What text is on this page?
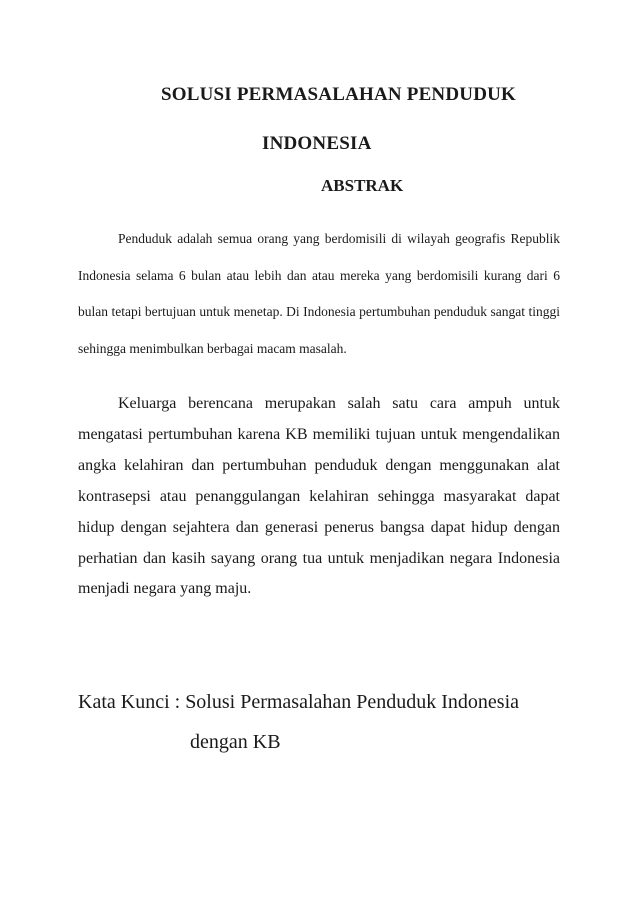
SOLUSI PERMASALAHAN PENDUDUK
INDONESIA
ABSTRAK

Penduduk adalah semua orang yang berdomisili di wilayah geografis Republik Indonesia selama 6 bulan atau lebih dan atau mereka yang berdomisili kurang dari 6 bulan tetapi bertujuan untuk menetap. Di Indonesia pertumbuhan penduduk sangat tinggi sehingga menimbulkan berbagai macam masalah.

Keluarga berencana merupakan salah satu cara ampuh untuk mengatasi pertumbuhan karena KB memiliki tujuan untuk mengendalikan angka kelahiran dan pertumbuhan penduduk dengan menggunakan alat kontrasepsi atau penanggulangan kelahiran sehingga masyarakat dapat hidup dengan sejahtera dan generasi penerus bangsa dapat hidup dengan perhatian dan kasih sayang orang tua untuk menjadikan negara Indonesia menjadi negara yang maju.

Kata Kunci : Solusi Permasalahan Penduduk Indonesia
dengan KB
